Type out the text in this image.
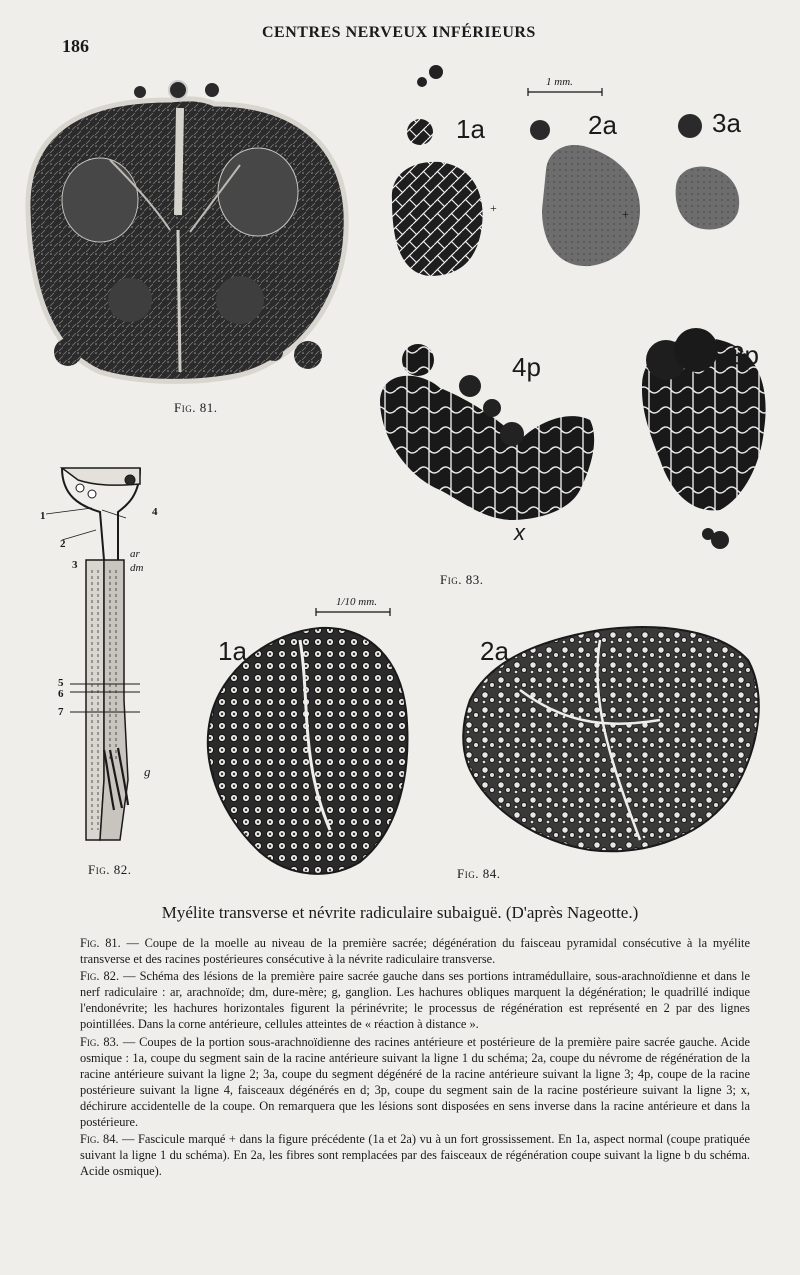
186
CENTRES NERVEUX INFÉRIEURS
+	+
Fig. 81.
Fig. 82.
Fig. 83.
Fig. 84.
1
2
3
4
5
6
7
ar
dm
g
1 mm.
1a	2a	3a
4p	3p
x
1/10 mm.
1a	2a
Myélite transverse et névrite radiculaire subaiguë. (D'après Nageotte.)

Fig. 81. — Coupe de la moelle au niveau de la première sacrée; dégénération du faisceau pyramidal consécutive à la myélite transverse et des racines postérieures consécutive à la névrite radiculaire transverse.

Fig. 82. — Schéma des lésions de la première paire sacrée gauche dans ses portions intramédullaire, sous-arachnoïdienne et dans le nerf radiculaire : ar, arachnoïde; dm, dure-mère; g, ganglion. Les hachures obliques marquent la dégénération; le quadrillé indique l'endonévrite; les hachures horizontales figurent la périnévrite; le processus de régénération est représenté en 2 par des lignes pointillées. Dans la corne antérieure, cellules atteintes de « réaction à distance ».

Fig. 83. — Coupes de la portion sous-arachnoïdienne des racines antérieure et postérieure de la première paire sacrée gauche. Acide osmique : 1a, coupe du segment sain de la racine antérieure suivant la ligne 1 du schéma; 2a, coupe du névrome de régénération de la racine antérieure suivant la ligne 2; 3a, coupe du segment dégénéré de la racine antérieure suivant la ligne 3; 4p, coupe de la racine postérieure suivant la ligne 4, faisceaux dégénérés en d; 3p, coupe du segment sain de la racine postérieure suivant la ligne 3; x, déchirure accidentelle de la coupe. On remarquera que les lésions sont disposées en sens inverse dans la racine antérieure et dans la postérieure.

Fig. 84. — Fascicule marqué + dans la figure précédente (1a et 2a) vu à un fort grossissement. En 1a, aspect normal (coupe pratiquée suivant la ligne 1 du schéma). En 2a, les fibres sont remplacées par des faisceaux de régénération coupe suivant la ligne b du schéma. Acide osmique).
